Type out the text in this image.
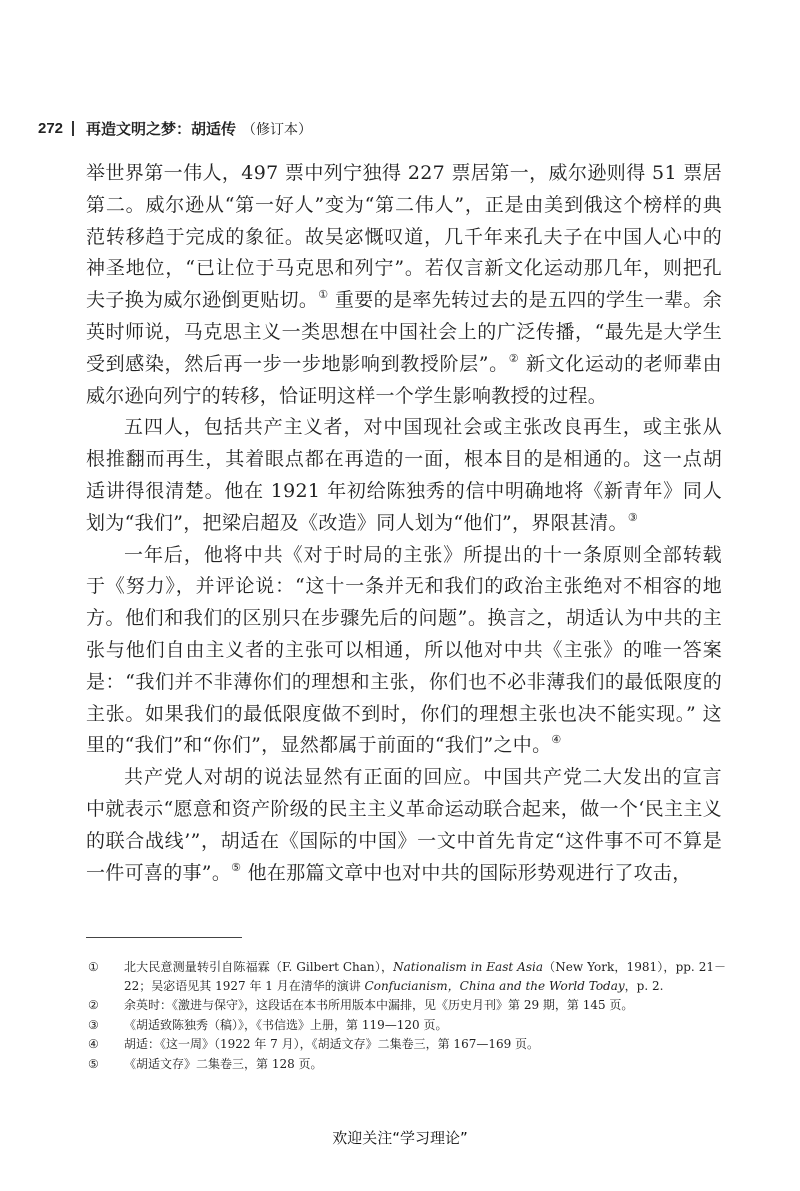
272 再造文明之梦：胡适传 （修订本）

举世界第一伟人，497 票中列宁独得 227 票居第一，威尔逊则得 51 票居第二。威尔逊从“第一好人”变为“第二伟人”，正是由美到俄这个榜样的典范转移趋于完成的象征。故吴宓慨叹道，几千年来孔夫子在中国人心中的神圣地位，“已让位于马克思和列宁”。若仅言新文化运动那几年，则把孔夫子换为威尔逊倒更贴切。① 重要的是率先转过去的是五四的学生一辈。余英时师说，马克思主义一类思想在中国社会上的广泛传播，“最先是大学生受到感染，然后再一步一步地影响到教授阶层”。② 新文化运动的老师辈由威尔逊向列宁的转移，恰证明这样一个学生影响教授的过程。

五四人，包括共产主义者，对中国现社会或主张改良再生，或主张从根推翻而再生，其着眼点都在再造的一面，根本目的是相通的。这一点胡适讲得很清楚。他在 1921 年初给陈独秀的信中明确地将《新青年》同人划为“我们”，把梁启超及《改造》同人划为“他们”，界限甚清。③

一年后，他将中共《对于时局的主张》所提出的十一条原则全部转载于《努力》，并评论说：“这十一条并无和我们的政治主张绝对不相容的地方。他们和我们的区别只在步骤先后的问题”。换言之，胡适认为中共的主张与他们自由主义者的主张可以相通，所以他对中共《主张》的唯一答案是：“我们并不非薄你们的理想和主张，你们也不必非薄我们的最低限度的主张。如果我们的最低限度做不到时，你们的理想主张也决不能实现。” 这里的“我们”和“你们”，显然都属于前面的“我们”之中。④

共产党人对胡的说法显然有正面的回应。中国共产党二大发出的宣言中就表示“愿意和资产阶级的民主主义革命运动联合起来，做一个‘民主主义的联合战线’”，胡适在《国际的中国》一文中首先肯定“这件事不可不算是一件可喜的事”。⑤ 他在那篇文章中也对中共的国际形势观进行了攻击，

①	北大民意测量转引自陈福霖（F. Gilbert Chan），Nationalism in East Asia（New York，1981），pp. 21－22；吴宓语见其 1927 年 1 月在清华的演讲 Confucianism，China and the World Today，p. 2.
②	余英时：《激进与保守》，这段话在本书所用版本中漏排，见《历史月刊》第 29 期，第 145 页。
③	《胡适致陈独秀（稿）》，《书信选》上册，第 119—120 页。
④	胡适：《这一周》（1922 年 7 月），《胡适文存》二集卷三，第 167—169 页。
⑤	《胡适文存》二集卷三，第 128 页。
欢迎关注“学习理论”
